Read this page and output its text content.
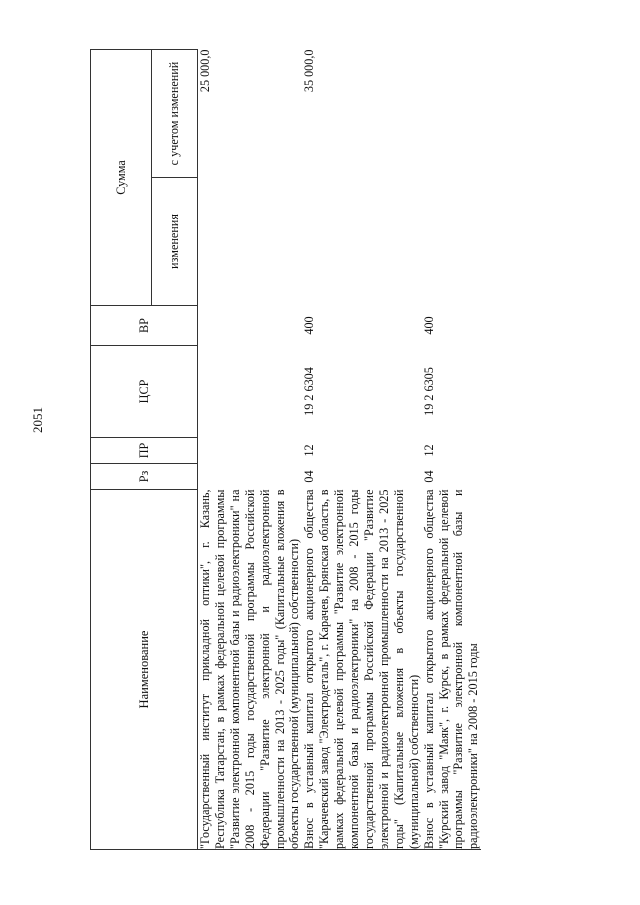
2051
Наименование	Рз	ПР	ЦСР	ВР	Сумма	
					изменения	с учетом изменений

"Государственный институт прикладной оптики", г. Казань, Республика Татарстан, в рамках федеральной целевой программы "Развитие электронной компонентной базы и радиоэлектроники" на 2008 - 2015 годы государственной программы Российской Федерации "Развитие электронной и радиоэлектронной промышленности на 2013 - 2025 годы" (Капитальные вложения в объекты государственной (муниципальной) собственности)						25 000,0

Взнос в уставный капитал открытого акционерного общества "Карачевский завод "Электродеталь", г. Карачев, Брянская область, в рамках федеральной целевой программы "Развитие электронной компонентной базы и радиоэлектроники" на 2008 - 2015 годы государственной программы Российской Федерации "Развитие электронной и радиоэлектронной промышленности на 2013 - 2025 годы" (Капитальные вложения в объекты государственной (муниципальной) собственности)	04	12	19 2 6304	400		35 000,0

Взнос в уставный капитал открытого акционерного общества "Курский завод "Маяк", г. Курск, в рамках федеральной целевой программы "Развитие электронной компонентной базы и радиоэлектроники" на 2008 - 2015 годы	04	12	19 2 6305	400		
